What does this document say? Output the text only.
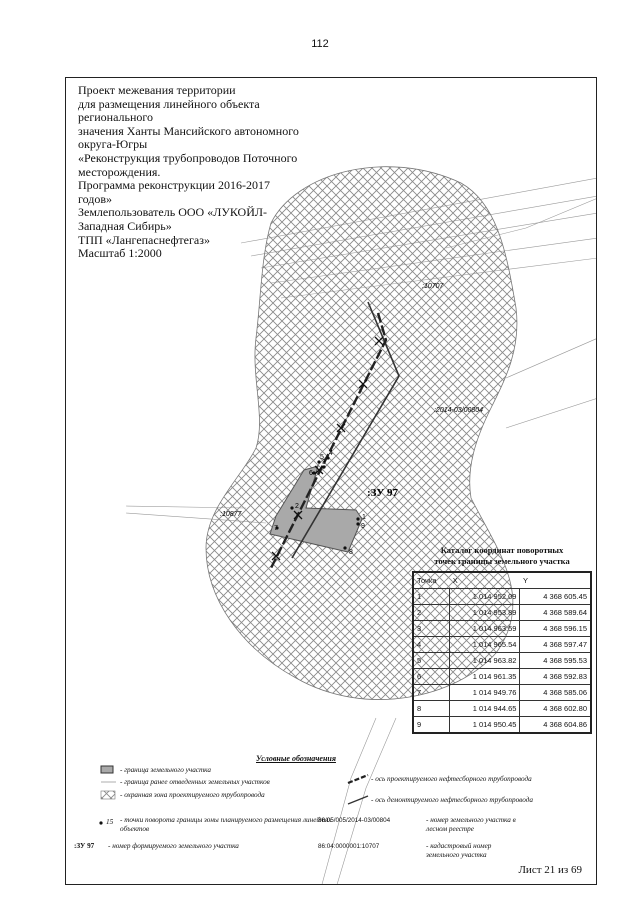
112
:10707
:2014-03/00804
:10877
:ЗУ 97
1
2
3
4
5
6
7
8
9
Проект межевания территории
для размещения линейного объекта
регионального
значения Ханты Мансийского автономного
округа-Югры
«Реконструкция трубопроводов Поточного
месторождения.
Программа реконструкции 2016-2017
годов»
Землепользователь ООО «ЛУКОЙЛ-
Западная Сибирь»
ТПП «Лангепаснефтегаз»
Масштаб 1:2000
Каталог координат поворотных
точек границы земельного участка
Точка	X	Y
1	1 014 952.09	4 368 605.45
2	1 014 953.89	4 368 589.64
3	1 014 963.59	4 368 596.15
4	1 014 965.54	4 368 597.47
5	1 014 963.82	4 368 595.53
6	1 014 961.35	4 368 592.83
7	1 014 949.76	4 368 585.06
8	1 014 944.65	4 368 602.80
9	1 014 950.45	4 368 604.86
Условные обозначения
- граница земельного участка
- граница ранее отведенных земельных участков
- охранная зона проектируемого трубопровода
15 - точки поворота границы зоны планируемого размещения линейных объектов
:ЗУ 97 - номер формируемого земельного участка
- ось проектируемого нефтесборного трубопровода
- ось демонтируемого нефтесборного трубопровода
86/05/005/2014-03/00804	- номер земельного участка в лесном реестре
86:04:0000001:10707	- кадастровый номер земельного участка
Лист 21 из 69
